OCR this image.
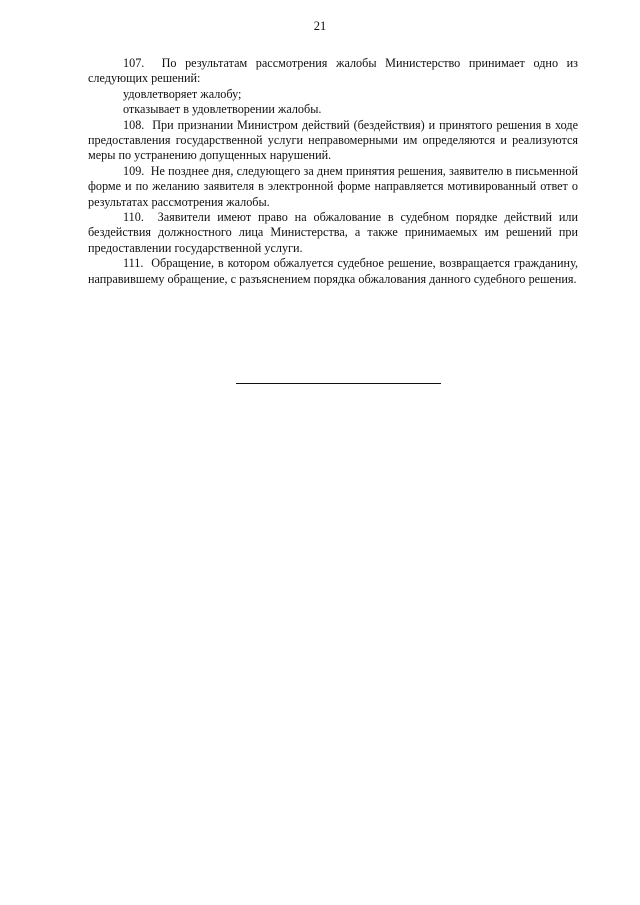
21

107.  По результатам рассмотрения жалобы Министерство принимает одно из следующих решений:

удовлетворяет жалобу;

отказывает в удовлетворении жалобы.

108.  При признании Министром действий (бездействия) и принятого решения в ходе предоставления государственной услуги неправомерными им определяются и реализуются меры по устранению допущенных нарушений.

109.  Не позднее дня, следующего за днем принятия решения, заявителю в письменной форме и по желанию заявителя в электронной форме направляется мотивированный ответ о результатах рассмотрения жалобы.

110.  Заявители имеют право на обжалование в судебном порядке действий или бездействия должностного лица Министерства, а также принимаемых им решений при предоставлении государственной услуги.

111.  Обращение, в котором обжалуется судебное решение, возвращается гражданину, направившему обращение, с разъяснением порядка обжалования данного судебного решения.
